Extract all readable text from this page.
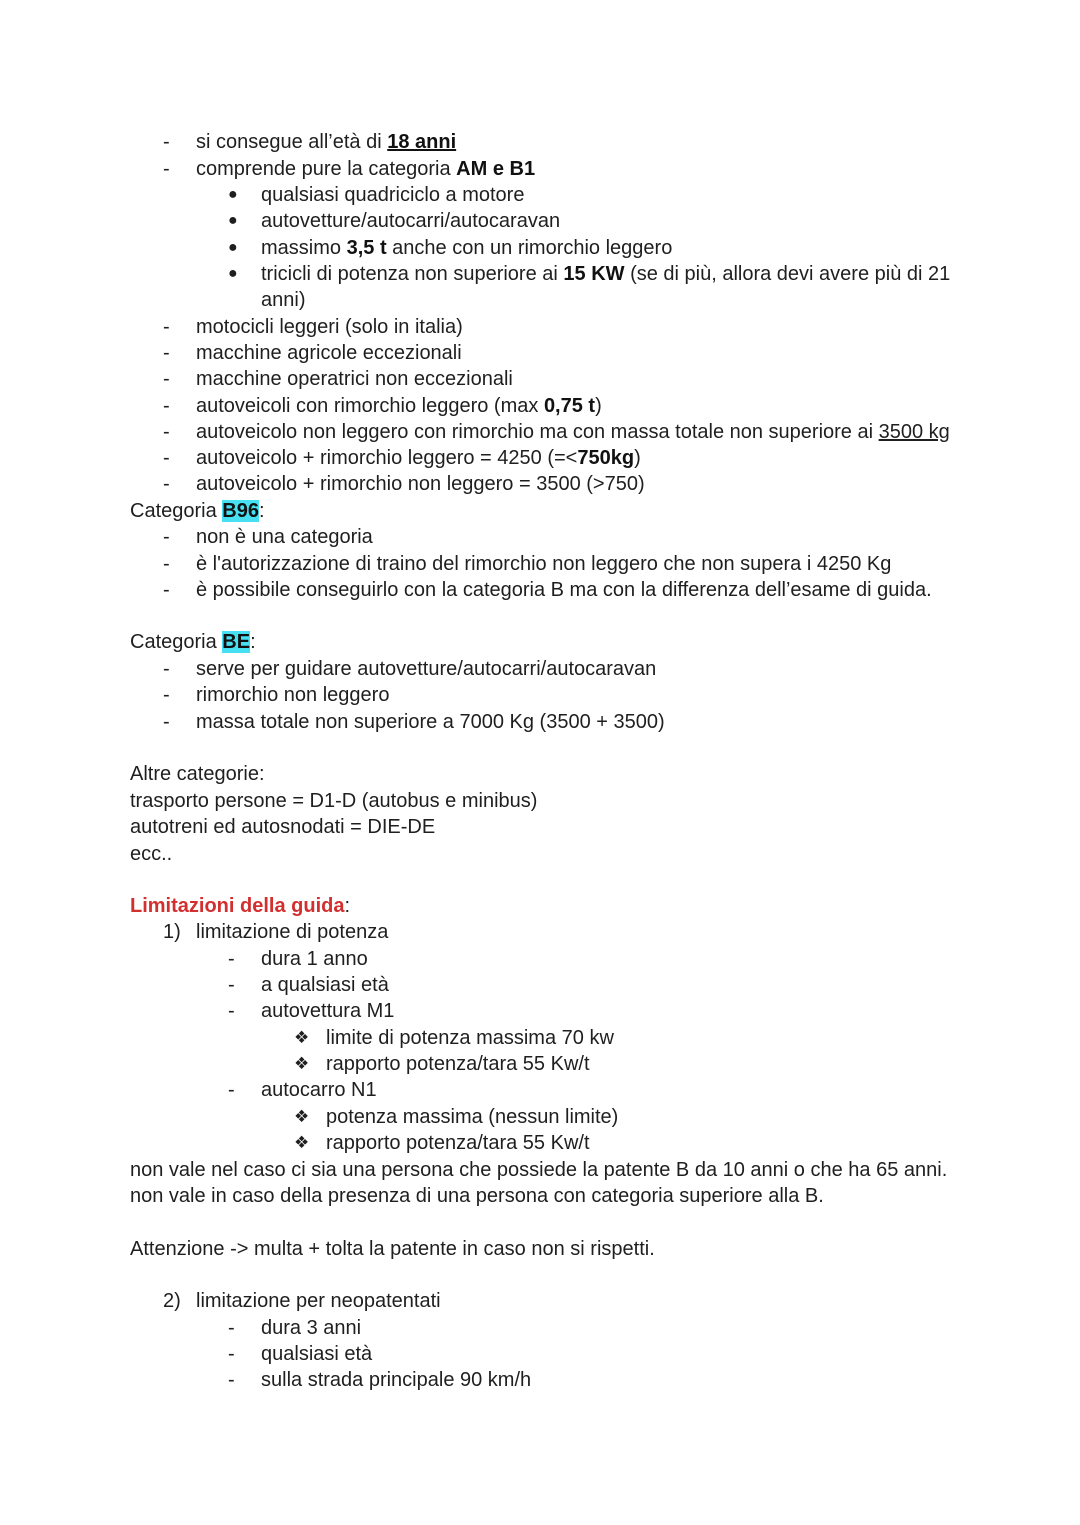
- si consegue all’età di 18 anni
- comprende pure la categoria AM e B1
● qualsiasi quadriciclo a motore
● autovetture/autocarri/autocaravan
● massimo 3,5 t anche con un rimorchio leggero
● tricicli di potenza non superiore ai 15 KW (se di più, allora devi avere più di 21
anni)
- motocicli leggeri (solo in italia)
- macchine agricole eccezionali
- macchine operatrici non eccezionali
- autoveicoli con rimorchio leggero (max 0,75 t)
- autoveicolo non leggero con rimorchio ma con massa totale non superiore ai 3500 kg
- autoveicolo + rimorchio leggero = 4250 (=<750kg)
- autoveicolo + rimorchio non leggero = 3500 (>750)
Categoria B96:
- non è una categoria
- è l'autorizzazione di traino del rimorchio non leggero che non supera i 4250 Kg
- è possibile conseguirlo con la categoria B ma con la differenza dell’esame di guida.
Categoria BE:
- serve per guidare autovetture/autocarri/autocaravan
- rimorchio non leggero
- massa totale non superiore a 7000 Kg (3500 + 3500)
Altre categorie:
trasporto persone = D1-D (autobus e minibus)
autotreni ed autosnodati = DIE-DE
ecc..
Limitazioni della guida:
1) limitazione di potenza
- dura 1 anno
- a qualsiasi età
- autovettura M1
❖ limite di potenza massima 70 kw
❖ rapporto potenza/tara 55 Kw/t
- autocarro N1
❖ potenza massima (nessun limite)
❖ rapporto potenza/tara 55 Kw/t
non vale nel caso ci sia una persona che possiede la patente B da 10 anni o che ha 65 anni.
non vale in caso della presenza di una persona con categoria superiore alla B.
Attenzione -> multa + tolta la patente in caso non si rispetti.
2) limitazione per neopatentati
- dura 3 anni
- qualsiasi età
- sulla strada principale 90 km/h
